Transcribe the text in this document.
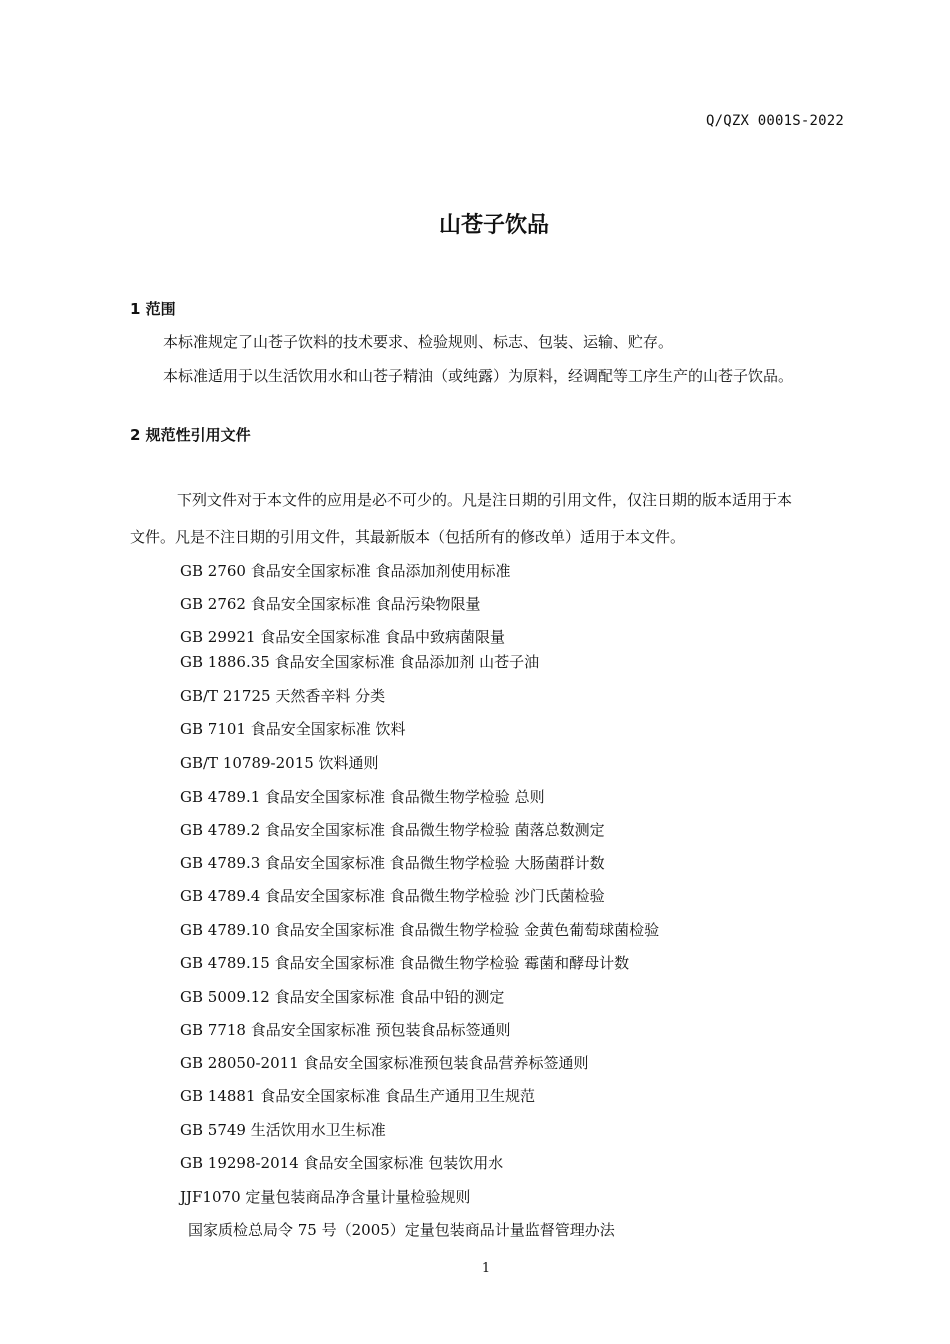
Q/QZX 0001S-2022
山苍子饮品
1 范围
本标准规定了山苍子饮料的技术要求、检验规则、标志、包装、运输、贮存。
本标准适用于以生活饮用水和山苍子精油（或纯露）为原料，经调配等工序生产的山苍子饮品。
2 规范性引用文件
下列文件对于本文件的应用是必不可少的。凡是注日期的引用文件，仅注日期的版本适用于本
文件。凡是不注日期的引用文件，其最新版本（包括所有的修改单）适用于本文件。
GB 2760 食品安全国家标准 食品添加剂使用标准
GB 2762 食品安全国家标准 食品污染物限量
GB 29921 食品安全国家标准 食品中致病菌限量
GB 1886.35 食品安全国家标准 食品添加剂 山苍子油
GB/T 21725 天然香辛料 分类
GB 7101 食品安全国家标准 饮料
GB/T 10789-2015 饮料通则
GB 4789.1 食品安全国家标准 食品微生物学检验 总则
GB 4789.2 食品安全国家标准 食品微生物学检验 菌落总数测定
GB 4789.3 食品安全国家标准 食品微生物学检验 大肠菌群计数
GB 4789.4 食品安全国家标准 食品微生物学检验 沙门氏菌检验
GB 4789.10 食品安全国家标准 食品微生物学检验 金黄色葡萄球菌检验
GB 4789.15 食品安全国家标准 食品微生物学检验 霉菌和酵母计数
GB 5009.12 食品安全国家标准 食品中铅的测定
GB 7718 食品安全国家标准 预包装食品标签通则
GB 28050-2011 食品安全国家标准预包装食品营养标签通则
GB 14881 食品安全国家标准 食品生产通用卫生规范
GB 5749 生活饮用水卫生标准
GB 19298-2014 食品安全国家标准 包装饮用水
JJF1070 定量包装商品净含量计量检验规则
国家质检总局令 75 号（2005）定量包装商品计量监督管理办法
1
